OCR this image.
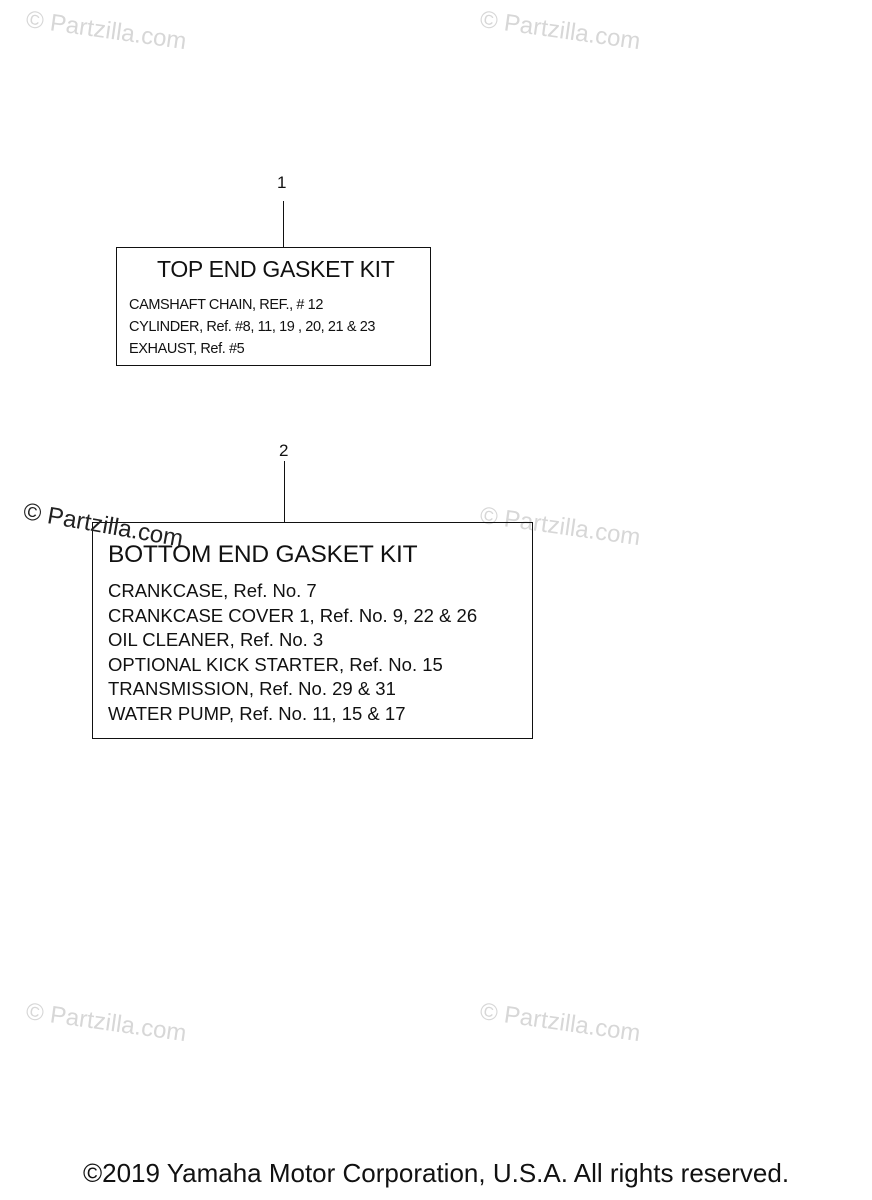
© Partzilla.com	© Partzilla.com
© Partzilla.com
© Partzilla.com	© Partzilla.com
1
TOP END GASKET KIT
CAMSHAFT CHAIN, REF., # 12
CYLINDER, Ref. #8, 11, 19 , 20, 21 & 23
EXHAUST, Ref. #5
2
BOTTOM END GASKET KIT
CRANKCASE, Ref. No. 7
CRANKCASE COVER 1, Ref. No. 9, 22 & 26
OIL CLEANER, Ref. No. 3
OPTIONAL KICK STARTER, Ref. No. 15
TRANSMISSION, Ref. No. 29 & 31
WATER PUMP, Ref. No. 11, 15 & 17
© Partzilla.com
©2019 Yamaha Motor Corporation, U.S.A. All rights reserved.
